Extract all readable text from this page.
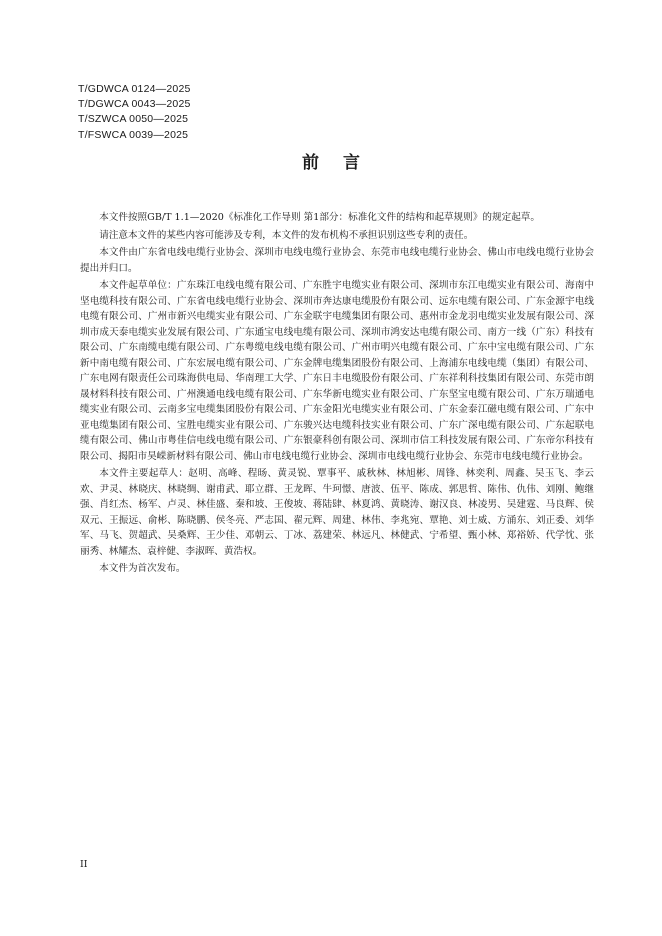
T/GDWCA 0124—2025
T/DGWCA 0043—2025
T/SZWCA 0050—2025
T/FSWCA 0039—2025
前言

本文件按照GB/T 1.1—2020《标准化工作导则 第1部分：标准化文件的结构和起草规则》的规定起草。

请注意本文件的某些内容可能涉及专利，本文件的发布机构不承担识别这些专利的责任。

本文件由广东省电线电缆行业协会、深圳市电线电缆行业协会、东莞市电线电缆行业协会、佛山市电线电缆行业协会提出并归口。

本文件起草单位：广东珠江电线电缆有限公司、广东胜宇电缆实业有限公司、深圳市东江电缆实业有限公司、海南中坚电缆科技有限公司、广东省电线电缆行业协会、深圳市奔达康电缆股份有限公司、远东电缆有限公司、广东金源宇电线电缆有限公司、广州市新兴电缆实业有限公司、广东金联宇电缆集团有限公司、惠州市金龙羽电缆实业发展有限公司、深圳市成天泰电缆实业发展有限公司、广东通宝电线电缆有限公司、深圳市鸿安达电缆有限公司、南方一线（广东）科技有限公司、广东南缆电缆有限公司、广东粤缆电线电缆有限公司、广州市明兴电缆有限公司、广东中宝电缆有限公司、广东新中南电缆有限公司、广东宏展电缆有限公司、广东金牌电缆集团股份有限公司、上海浦东电线电缆（集团）有限公司、广东电网有限责任公司珠海供电局、华南理工大学、广东日丰电缆股份有限公司、广东祥利科技集团有限公司、东莞市朗晟材料科技有限公司、广州澳通电线电缆有限公司、广东华新电缆实业有限公司、广东坚宝电缆有限公司、广东万瑞通电缆实业有限公司、云南多宝电缆集团股份有限公司、广东金阳光电缆实业有限公司、广东金泰江磁电缆有限公司、广东中亚电缆集团有限公司、宝胜电缆实业有限公司、广东骏兴达电缆科技实业有限公司、广东广深电缆有限公司、广东起联电缆有限公司、佛山市粤佳信电线电缆有限公司、广东银豪科创有限公司、深圳市信工科技发展有限公司、广东帝尔科技有限公司、揭阳市昊嵘新材料有限公司、佛山市电线电缆行业协会、深圳市电线电缆行业协会、东莞市电线电缆行业协会。

本文件主要起草人：赵明、高峰、程旸、黄灵锐、覃事平、戚秋林、林旭彬、周锋、林奕利、周鑫、吴玉飞、李云欢、尹灵、林晓庆、林晓绸、谢甫武、耶立群、王龙晖、牛珂憬、唐波、伍平、陈成、郭思哲、陈伟、仇伟、刘刚、鲍继强、肖红杰、杨军、卢灵、林佳盛、秦和坡、王俊坡、蒋陆肆、林夏鸿、黄晓涛、谢汉良、林凌男、吴建霆、马良辉、侯双元、王振远、俞彬、陈晓鹏、侯冬亮、严志国、翟元辉、周建、林伟、李兆宛、覃艳、刘士威、方涌东、刘正委、刘华军、马飞、贺超武、吴桑辉、王少佳、邓朝云、丁冰、荔建荣、林远凡、林健武、宁希望、甄小林、郑裕娇、代学忱、张丽秀、林耀杰、袁梓健、李淑晖、黄浩权。

本文件为首次发布。

II
